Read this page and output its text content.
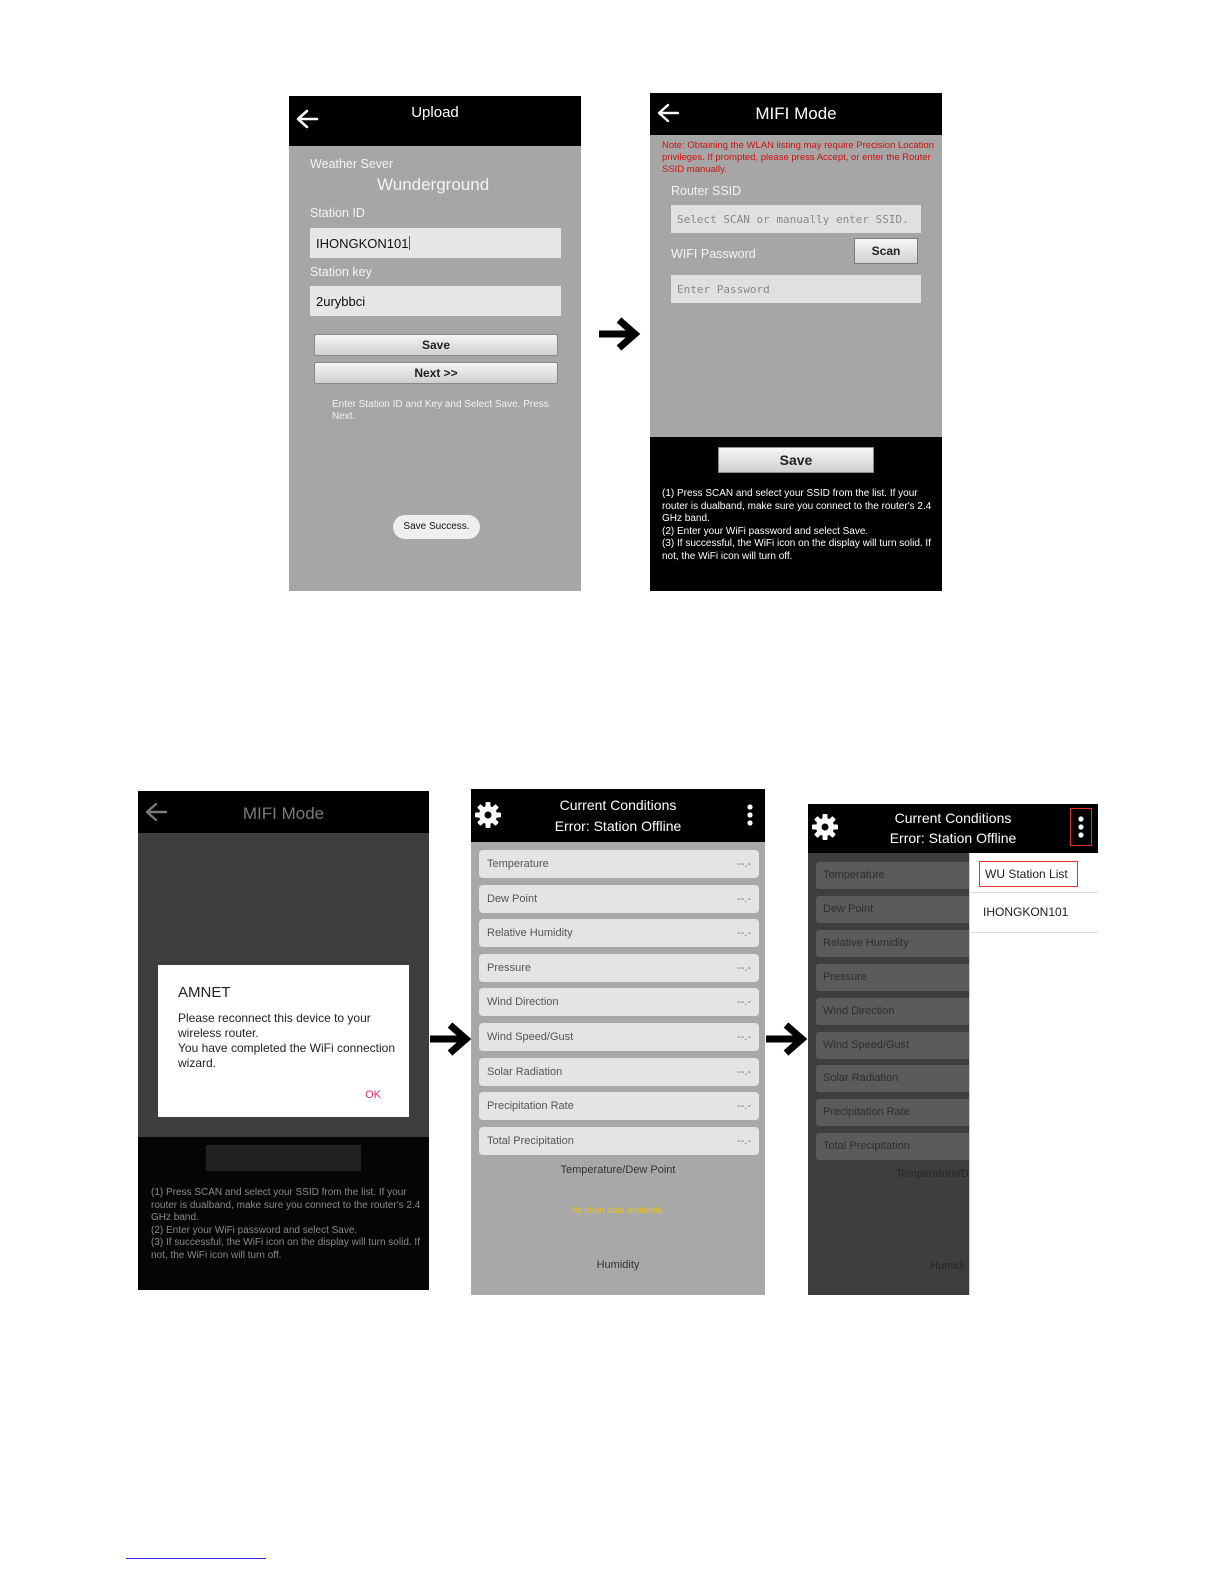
Upload
Weather Sever
Wunderground
Station ID
IHONGKON101
Station key
2urybbci
Save
Next >>
Enter Station ID and Key and Select Save. Press Next.
Save Success.
MIFI Mode
Note: Obtaining the WLAN listing may require Precision Location privileges. If prompted, please press Accept, or enter the Router SSID manually.
Router SSID
Select SCAN or manually enter SSID.
WIFI Password	Scan
Enter Password
Save
(1) Press SCAN and select your SSID from the list. If your router is dualband, make sure you connect to the router's 2.4 GHz band.
(2) Enter your WiFi password and select Save.
(3) If successful, the WiFi icon on the display will turn solid. If not, the WiFi icon will turn off.
MIFI Mode
(1) Press SCAN and select your SSID from the list. If your router is dualband, make sure you connect to the router's 2.4 GHz band.
(2) Enter your WiFi password and select Save.
(3) If successful, the WiFi icon on the display will turn solid. If not, the WiFi icon will turn off.
AMNET
Please reconnect this device to your wireless router.
You have completed the WiFi connection wizard.
OK
Current Conditions
Error: Station Offline
Temperature	--.-
Dew Point	--.-
Relative Humidity	--.-
Pressure	--.-
Wind Direction	--.-
Wind Speed/Gust	--.-
Solar Radiation	--.-
Precipitation Rate	--.-
Total Precipitation	--.-
Temperature/Dew Point
No chart data available.
Humidity
Current Conditions
Error: Station Offline
Temperature
Dew Point
Relative Humidity
Pressure
Wind Direction
Wind Speed/Gust
Solar Radiation
Precipitation Rate
Total Precipitation
Temperature/D
Humidi
WU Station List
IHONGKON101
